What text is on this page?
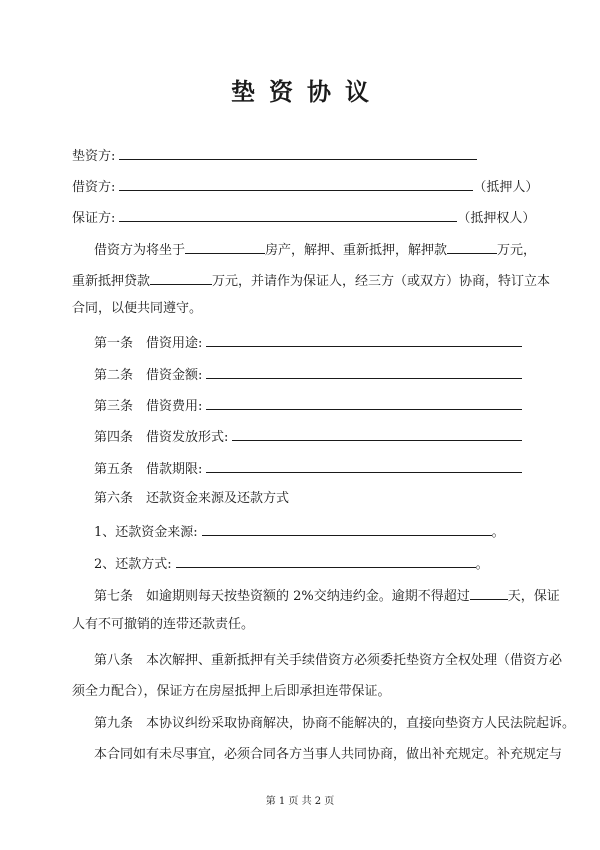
垫资协议
垫资方:
借资方:	（抵押人）
保证方:	（抵押权人）
借资方为将坐于	房产，解押、重新抵押，解押款	万元，
重新抵押贷款	万元，并请作为保证人，经三方（或双方）协商，特订立本
合同，以便共同遵守。
第一条　借资用途:
第二条　借资金额:
第三条　借资费用:
第四条　借资发放形式:
第五条　借款期限:
第六条　还款资金来源及还款方式
1、还款资金来源:	。
2、还款方式:	。
第七条　如逾期则每天按垫资额的 2%交纳违约金。逾期不得超过	天，保证
人有不可撤销的连带还款责任。
第八条　本次解押、重新抵押有关手续借资方必须委托垫资方全权处理（借资方必
须全力配合），保证方在房屋抵押上后即承担连带保证。
第九条　本协议纠纷采取协商解决，协商不能解决的，直接向垫资方人民法院起诉。
本合同如有未尽事宜，必须合同各方当事人共同协商，做出补充规定。补充规定与
第 1 页 共 2 页
